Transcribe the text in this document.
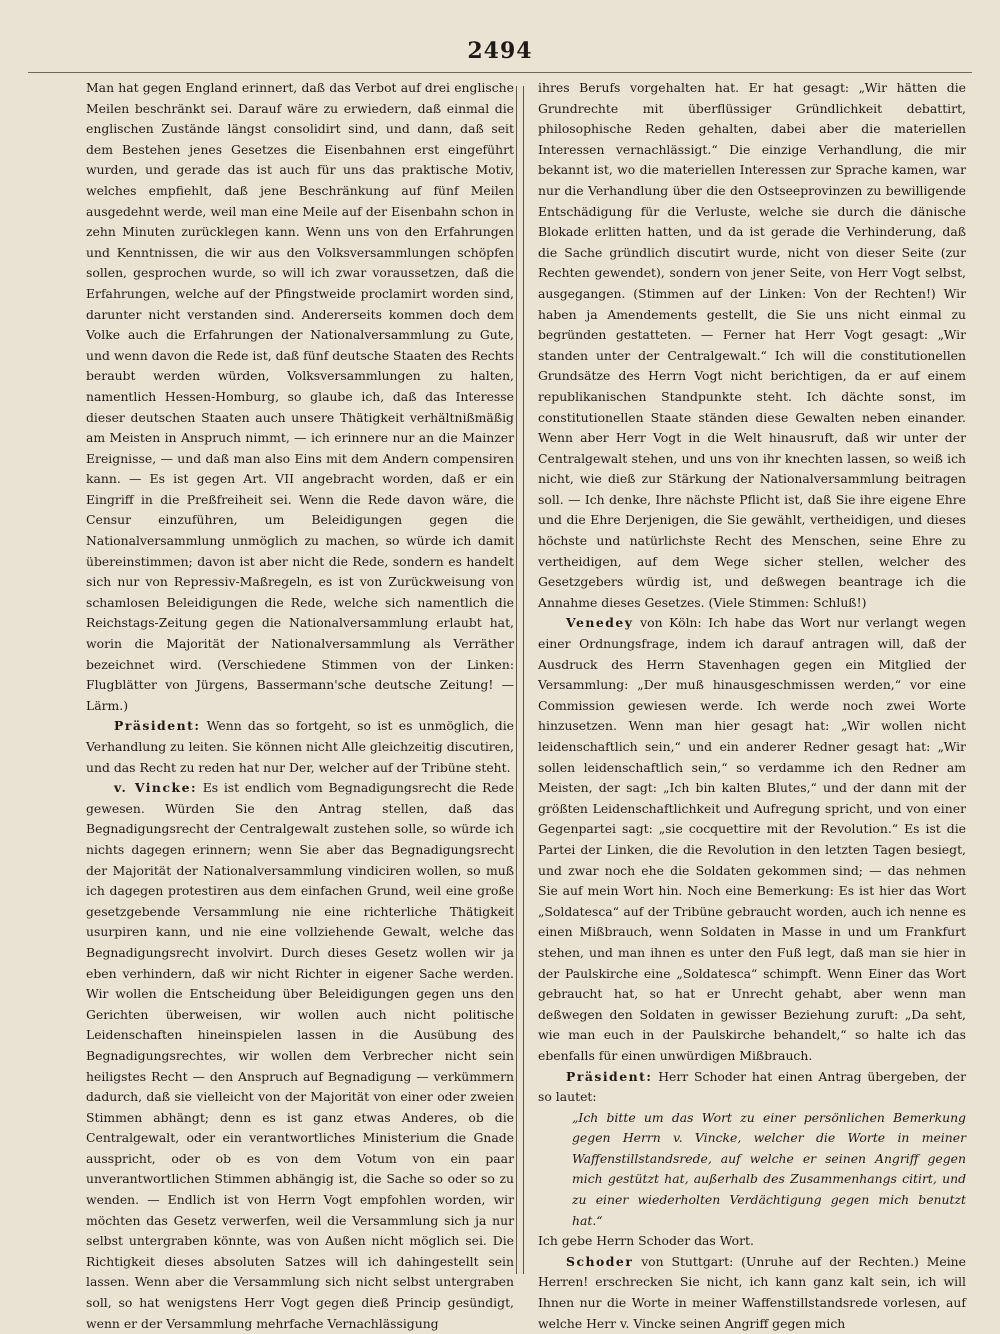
2494

Man hat gegen England erinnert, daß das Verbot auf drei englische Meilen beschränkt sei. Darauf wäre zu erwiedern, daß einmal die englischen Zustände längst consolidirt sind, und dann, daß seit dem Bestehen jenes Gesetzes die Eisenbahnen erst eingeführt wurden, und gerade das ist auch für uns das praktische Motiv, welches empfiehlt, daß jene Beschränkung auf fünf Meilen ausgedehnt werde, weil man eine Meile auf der Eisenbahn schon in zehn Minuten zurücklegen kann. Wenn uns von den Erfahrungen und Kenntnissen, die wir aus den Volksversammlungen schöpfen sollen, gesprochen wurde, so will ich zwar voraussetzen, daß die Erfahrungen, welche auf der Pfingstweide proclamirt worden sind, darunter nicht verstanden sind. Andererseits kommen doch dem Volke auch die Erfahrungen der Nationalversammlung zu Gute, und wenn davon die Rede ist, daß fünf deutsche Staaten des Rechts beraubt werden würden, Volksversammlungen zu halten, namentlich Hessen-Homburg, so glaube ich, daß das Interesse dieser deutschen Staaten auch unsere Thätigkeit verhältnißmäßig am Meisten in Anspruch nimmt, — ich erinnere nur an die Mainzer Ereignisse, — und daß man also Eins mit dem Andern compensiren kann. — Es ist gegen Art. VII angebracht worden, daß er ein Eingriff in die Preßfreiheit sei. Wenn die Rede davon wäre, die Censur einzuführen, um Beleidigungen gegen die Nationalversammlung unmöglich zu machen, so würde ich damit übereinstimmen; davon ist aber nicht die Rede, sondern es handelt sich nur von Repressiv-Maßregeln, es ist von Zurückweisung von schamlosen Beleidigungen die Rede, welche sich namentlich die Reichstags-Zeitung gegen die Nationalversammlung erlaubt hat, worin die Majorität der Nationalversammlung als Verräther bezeichnet wird. (Verschiedene Stimmen von der Linken: Flugblätter von Jürgens, Bassermann'sche deutsche Zeitung! — Lärm.)

Präsident: Wenn das so fortgeht, so ist es unmöglich, die Verhandlung zu leiten. Sie können nicht Alle gleichzeitig discutiren, und das Recht zu reden hat nur Der, welcher auf der Tribüne steht.

v. Vincke: Es ist endlich vom Begnadigungsrecht die Rede gewesen. Würden Sie den Antrag stellen, daß das Begnadigungsrecht der Centralgewalt zustehen solle, so würde ich nichts dagegen erinnern; wenn Sie aber das Begnadigungsrecht der Majorität der Nationalversammlung vindiciren wollen, so muß ich dagegen protestiren aus dem einfachen Grund, weil eine große gesetzgebende Versammlung nie eine richterliche Thätigkeit usurpiren kann, und nie eine vollziehende Gewalt, welche das Begnadigungsrecht involvirt. Durch dieses Gesetz wollen wir ja eben verhindern, daß wir nicht Richter in eigener Sache werden. Wir wollen die Entscheidung über Beleidigungen gegen uns den Gerichten überweisen, wir wollen auch nicht politische Leidenschaften hineinspielen lassen in die Ausübung des Begnadigungsrechtes, wir wollen dem Verbrecher nicht sein heiligstes Recht — den Anspruch auf Begnadigung — verkümmern dadurch, daß sie vielleicht von der Majorität von einer oder zweien Stimmen abhängt; denn es ist ganz etwas Anderes, ob die Centralgewalt, oder ein verantwortliches Ministerium die Gnade ausspricht, oder ob es von dem Votum von ein paar unverantwortlichen Stimmen abhängig ist, die Sache so oder so zu wenden. — Endlich ist von Herrn Vogt empfohlen worden, wir möchten das Gesetz verwerfen, weil die Versammlung sich ja nur selbst untergraben könnte, was von Außen nicht möglich sei. Die Richtigkeit dieses absoluten Satzes will ich dahingestellt sein lassen. Wenn aber die Versammlung sich nicht selbst untergraben soll, so hat wenigstens Herr Vogt gegen dieß Princip gesündigt, wenn er der Versammlung mehrfache Vernachlässigung

ihres Berufs vorgehalten hat. Er hat gesagt: „Wir hätten die Grundrechte mit überflüssiger Gründlichkeit debattirt, philosophische Reden gehalten, dabei aber die materiellen Interessen vernachlässigt.“ Die einzige Verhandlung, die mir bekannt ist, wo die materiellen Interessen zur Sprache kamen, war nur die Verhandlung über die den Ostseeprovinzen zu bewilligende Entschädigung für die Verluste, welche sie durch die dänische Blokade erlitten hatten, und da ist gerade die Verhinderung, daß die Sache gründlich discutirt wurde, nicht von dieser Seite (zur Rechten gewendet), sondern von jener Seite, von Herr Vogt selbst, ausgegangen. (Stimmen auf der Linken: Von der Rechten!) Wir haben ja Amendements gestellt, die Sie uns nicht einmal zu begründen gestatteten. — Ferner hat Herr Vogt gesagt: „Wir standen unter der Centralgewalt.“ Ich will die constitutionellen Grundsätze des Herrn Vogt nicht berichtigen, da er auf einem republikanischen Standpunkte steht. Ich dächte sonst, im constitutionellen Staate ständen diese Gewalten neben einander. Wenn aber Herr Vogt in die Welt hinausruft, daß wir unter der Centralgewalt stehen, und uns von ihr knechten lassen, so weiß ich nicht, wie dieß zur Stärkung der Nationalversammlung beitragen soll. — Ich denke, Ihre nächste Pflicht ist, daß Sie ihre eigene Ehre und die Ehre Derjenigen, die Sie gewählt, vertheidigen, und dieses höchste und natürlichste Recht des Menschen, seine Ehre zu vertheidigen, auf dem Wege sicher stellen, welcher des Gesetzgebers würdig ist, und deßwegen beantrage ich die Annahme dieses Gesetzes. (Viele Stimmen: Schluß!)

Venedey von Köln: Ich habe das Wort nur verlangt wegen einer Ordnungsfrage, indem ich darauf antragen will, daß der Ausdruck des Herrn Stavenhagen gegen ein Mitglied der Versammlung: „Der muß hinausgeschmissen werden,“ vor eine Commission gewiesen werde. Ich werde noch zwei Worte hinzusetzen. Wenn man hier gesagt hat: „Wir wollen nicht leidenschaftlich sein,“ und ein anderer Redner gesagt hat: „Wir sollen leidenschaftlich sein,“ so verdamme ich den Redner am Meisten, der sagt: „Ich bin kalten Blutes,“ und der dann mit der größten Leidenschaftlichkeit und Aufregung spricht, und von einer Gegenpartei sagt: „sie cocquettire mit der Revolution.“ Es ist die Partei der Linken, die die Revolution in den letzten Tagen besiegt, und zwar noch ehe die Soldaten gekommen sind; — das nehmen Sie auf mein Wort hin. Noch eine Bemerkung: Es ist hier das Wort „Soldatesca“ auf der Tribüne gebraucht worden, auch ich nenne es einen Mißbrauch, wenn Soldaten in Masse in und um Frankfurt stehen, und man ihnen es unter den Fuß legt, daß man sie hier in der Paulskirche eine „Soldatesca“ schimpft. Wenn Einer das Wort gebraucht hat, so hat er Unrecht gehabt, aber wenn man deßwegen den Soldaten in gewisser Beziehung zuruft: „Da seht, wie man euch in der Paulskirche behandelt,“ so halte ich das ebenfalls für einen unwürdigen Mißbrauch.

Präsident: Herr Schoder hat einen Antrag übergeben, der so lautet:

„Ich bitte um das Wort zu einer persönlichen Bemerkung gegen Herrn v. Vincke, welcher die Worte in meiner Waffenstillstandsrede, auf welche er seinen Angriff gegen mich gestützt hat, außerhalb des Zusammenhangs citirt, und zu einer wiederholten Verdächtigung gegen mich benutzt hat.“

Ich gebe Herrn Schoder das Wort.

Schoder von Stuttgart: (Unruhe auf der Rechten.) Meine Herren! erschrecken Sie nicht, ich kann ganz kalt sein, ich will Ihnen nur die Worte in meiner Waffenstillstandsrede vorlesen, auf welche Herr v. Vincke seinen Angriff gegen mich
